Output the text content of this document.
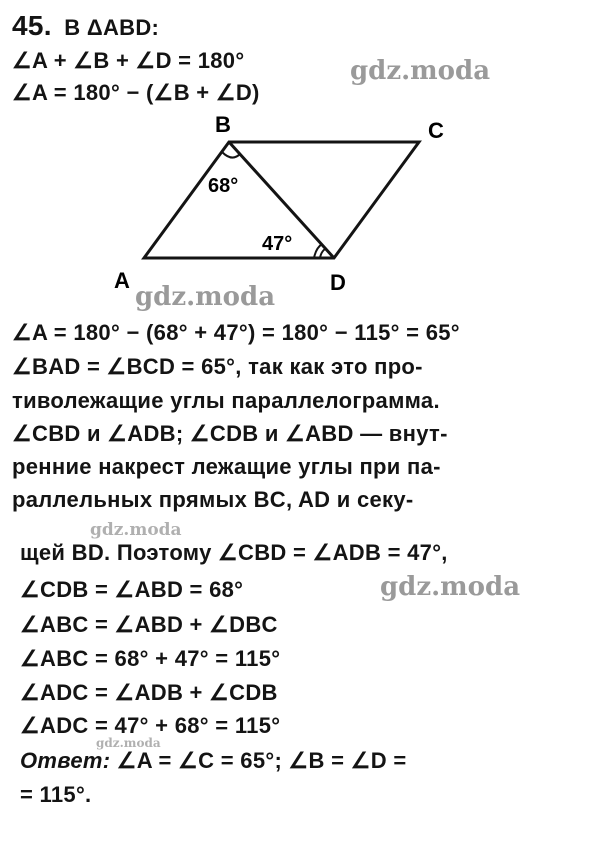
45. В ΔABD:
∠A + ∠B + ∠D = 180°
∠A = 180° − (∠B + ∠D)
A
B	C
D
68°
47°
∠A = 180° − (68° + 47°) = 180° − 115° = 65°
∠BAD = ∠BCD = 65°, так как это про-
тиволежащие углы параллелограмма.
∠CBD и ∠ADB; ∠CDB и ∠ABD — внут-
ренние накрест лежащие углы при па-
раллельных прямых BC, AD и секу-
щей BD. Поэтому ∠CBD = ∠ADB = 47°,
∠CDB = ∠ABD = 68°
∠ABC = ∠ABD + ∠DBC
∠ABC = 68° + 47° = 115°
∠ADC = ∠ADB + ∠CDB
∠ADC = 47° + 68° = 115°
Ответ: ∠A = ∠C = 65°; ∠B = ∠D =
= 115°.
gdz.moda
gdz.moda
gdz.moda
gdz.moda
gdz.moda
